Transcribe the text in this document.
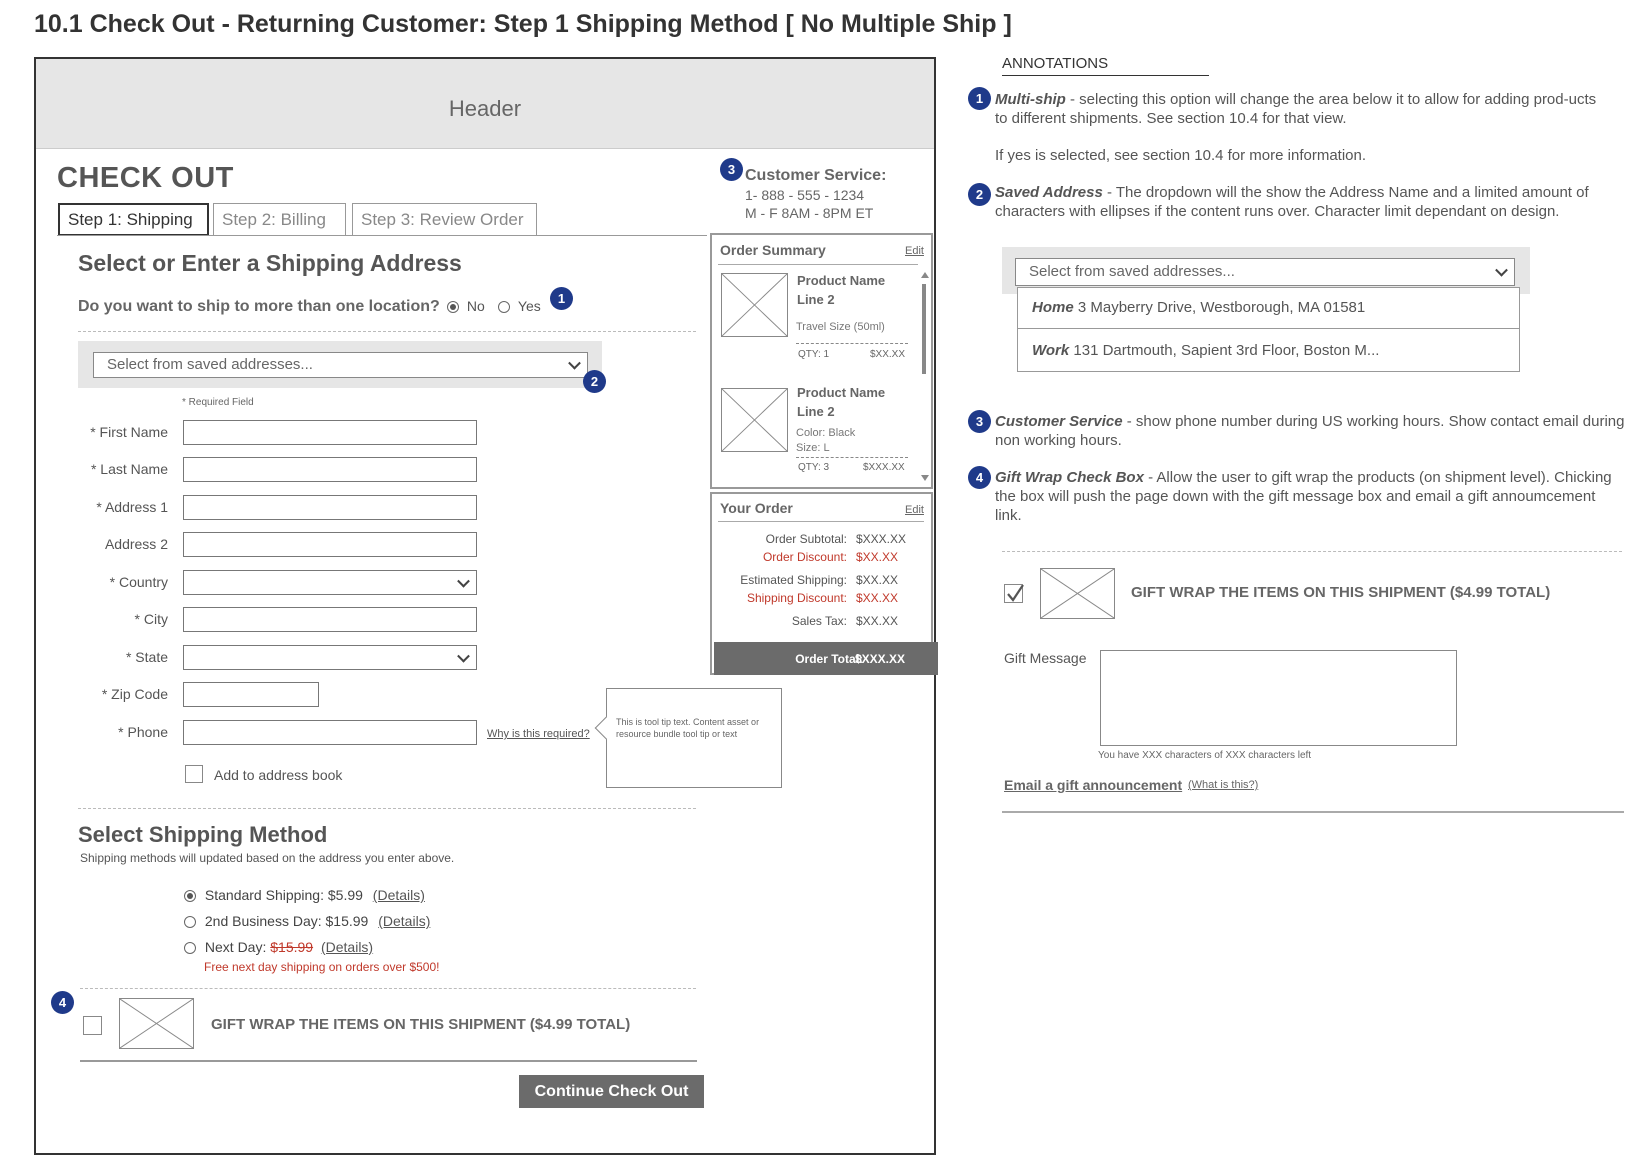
10.1 Check Out - Returning Customer: Step 1 Shipping Method [ No Multiple Ship ]
Header
CHECK OUT
Step 1: Shipping	Step 2: Billing	Step 3: Review Order
3 Customer Service:
1- 888 - 555 - 1234
M - F 8AM - 8PM ET
Select or Enter a Shipping Address
Do you want to ship to more than one location?	No	Yes	1
Select from saved addresses...
2
* Required Field
* First Name
* Last Name
* Address 1
Address 2
* Country
* City
* State
* Zip Code
* Phone	Why is this required?
This is tool tip text. Content asset or resource bundle tool tip or text
Add to address book
Select Shipping Method
Shipping methods will updated based on the address you enter above.
Standard Shipping: $5.99 (Details)
2nd Business Day: $15.99 (Details)
Next Day: $15.99 (Details)
Free next day shipping on orders over $500!
4
GIFT WRAP THE ITEMS ON THIS SHIPMENT ($4.99 TOTAL)
Continue Check Out
Order Summary	Edit
Product Name
Line 2
Travel Size (50ml)
QTY: 1	$XX.XX
Product Name
Line 2
Color: Black
Size: L
QTY: 3	$XXX.XX
Your Order	Edit
Order Subtotal: $XXX.XX
Order Discount: $XX.XX
Estimated Shipping: $XX.XX
Shipping Discount: $XX.XX
Sales Tax: $XX.XX
Order Total:
$XXX.XX
ANNOTATIONS
1 Multi-ship - selecting this option will change the area below it to allow for adding prod-ucts to different shipments. See section 10.4 for that view.
If yes is selected, see section 10.4 for more information.
2 Saved Address - The dropdown will the show the Address Name and a limited amount of characters with ellipses if the content runs over. Character limit dependant on design.
Select from saved addresses...
Home 3 Mayberry Drive, Westborough, MA 01581
Work 131 Dartmouth, Sapient 3rd Floor, Boston M...
3 Customer Service - show phone number during US working hours. Show contact email during non working hours.
4 Gift Wrap Check Box - Allow the user to gift wrap the products (on shipment level). Chicking the box will push the page down with the gift message box and email a gift annoumcement link.
GIFT WRAP THE ITEMS ON THIS SHIPMENT ($4.99 TOTAL)
Gift Message
You have XXX characters of XXX characters left
Email a gift announcement (What is this?)
